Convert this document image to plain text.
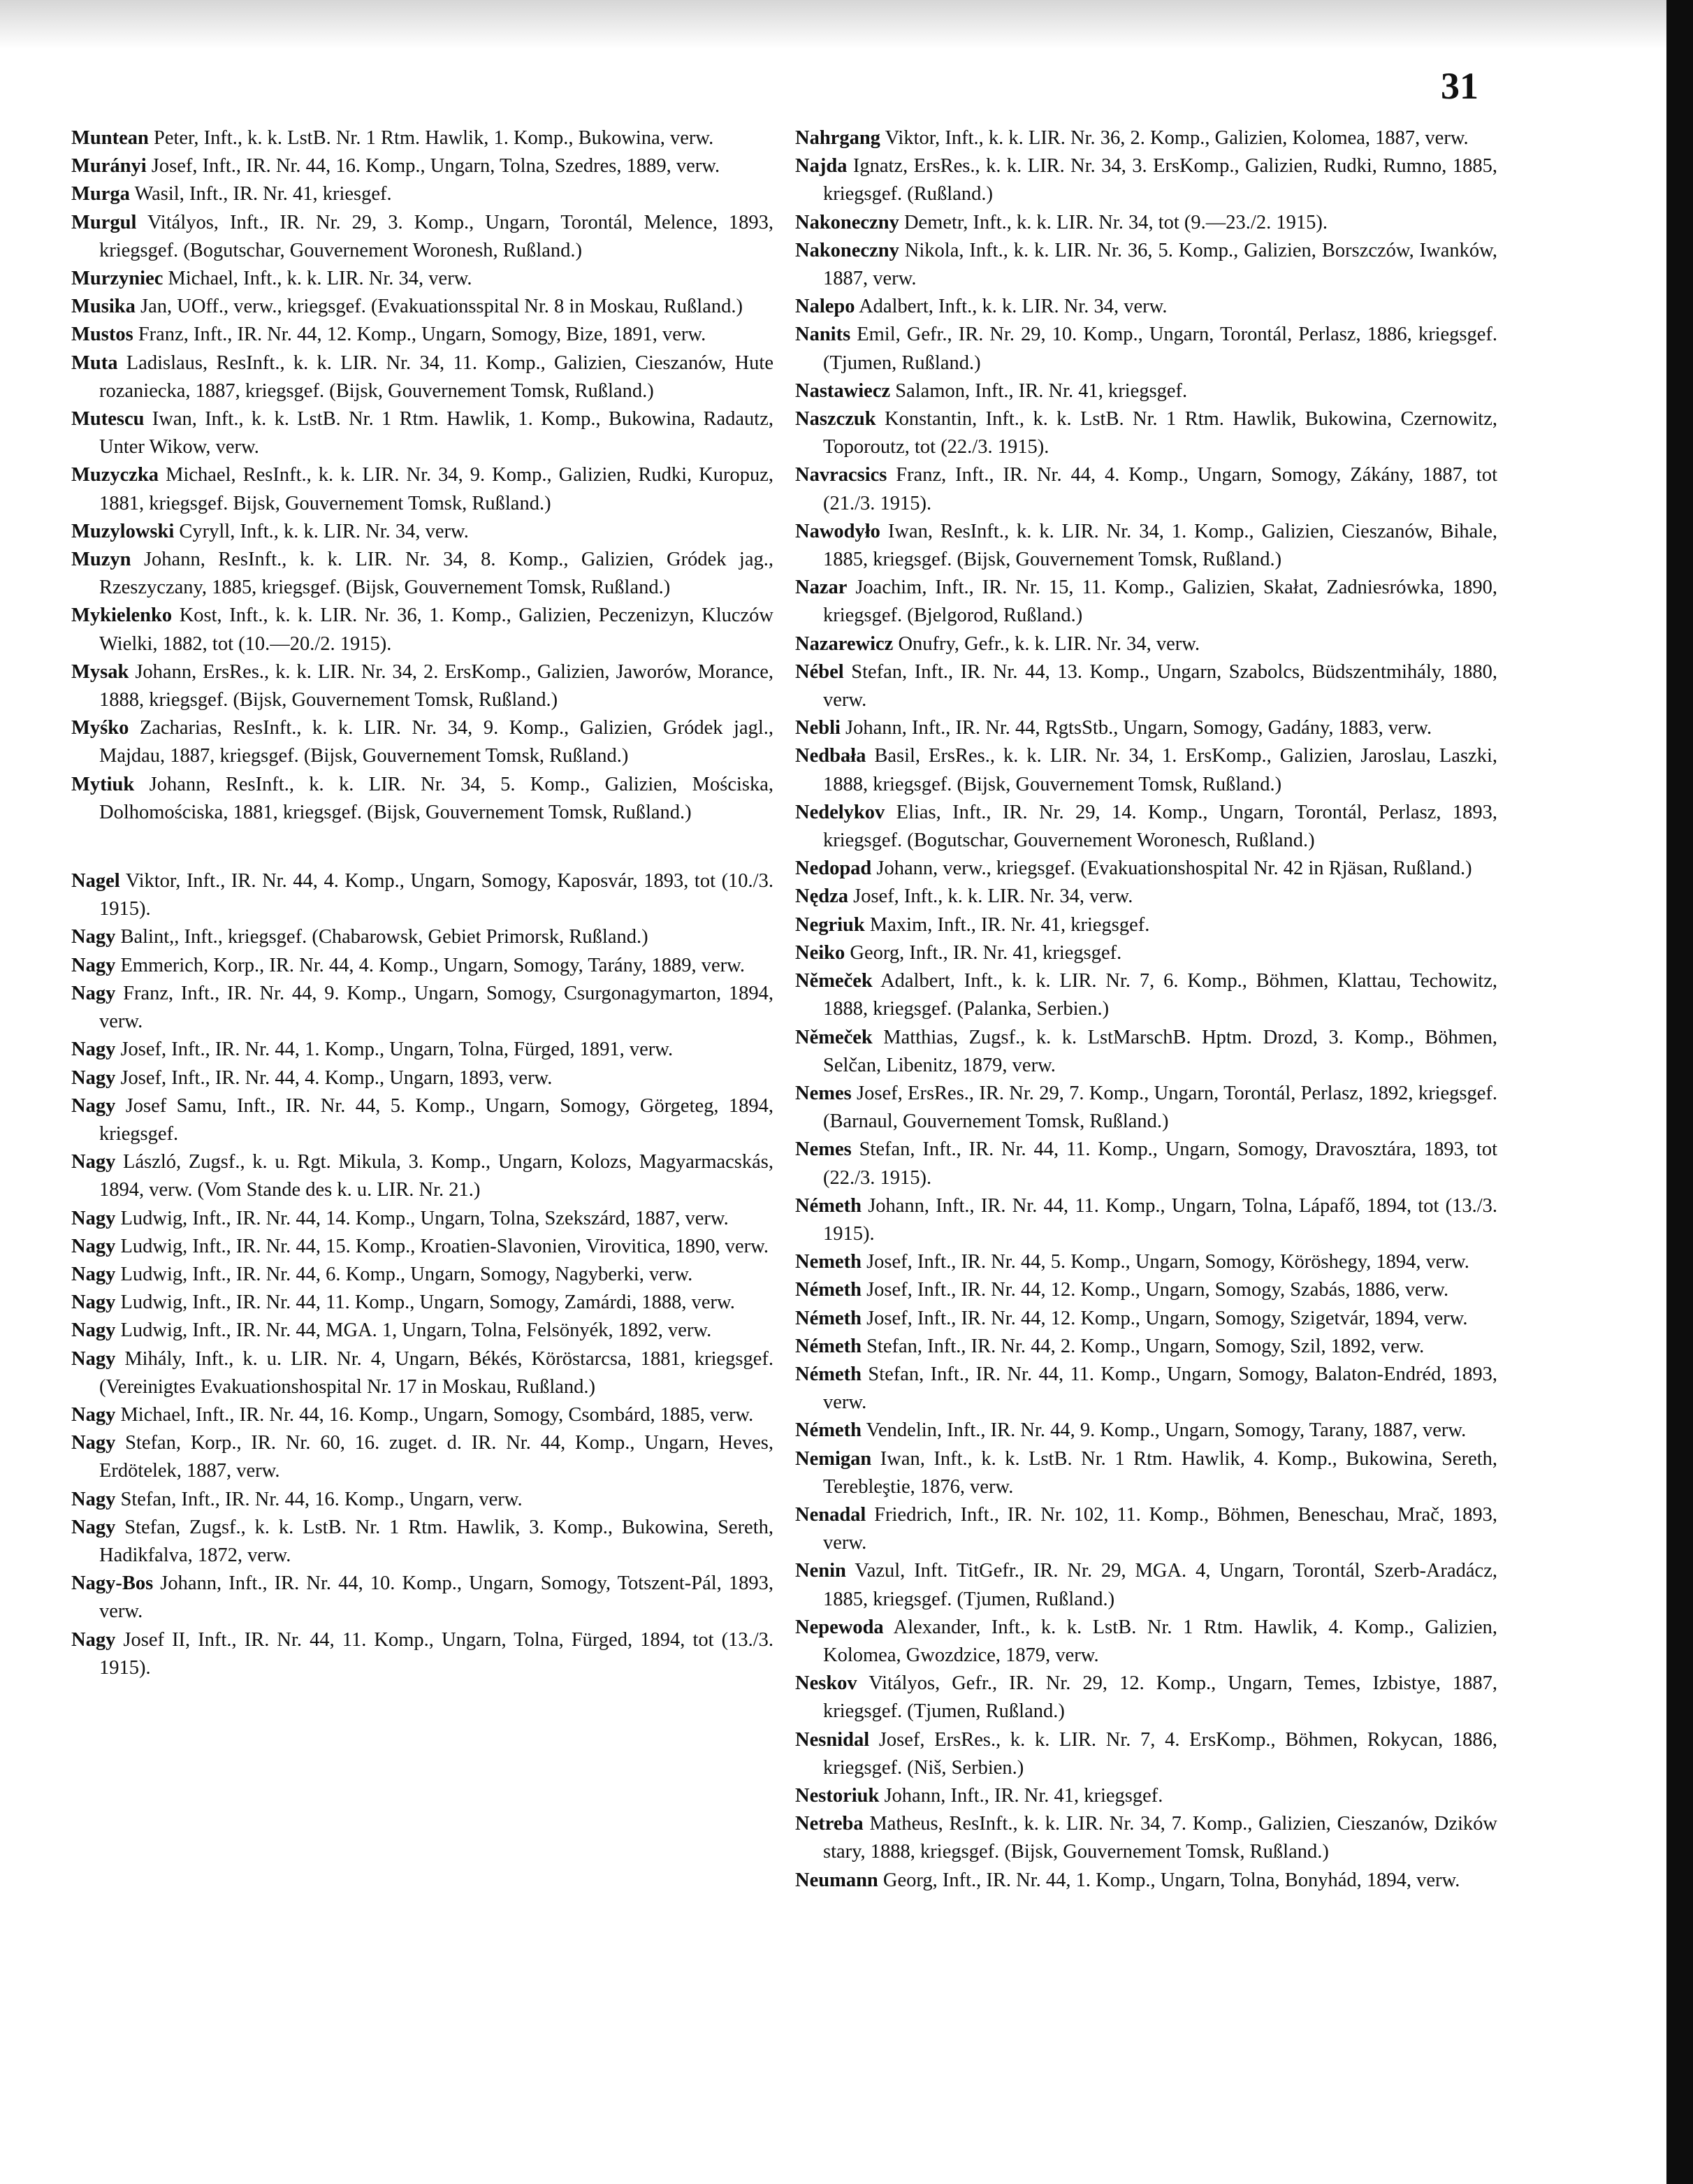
31

Muntean Peter, Inft., k. k. LstB. Nr. 1 Rtm. Hawlik, 1. Komp., Bukowina, verw.

Murányi Josef, Inft., IR. Nr. 44, 16. Komp., Ungarn, Tolna, Szedres, 1889, verw.

Murga Wasil, Inft., IR. Nr. 41, kriesgef.

Murgul Vitályos, Inft., IR. Nr. 29, 3. Komp., Ungarn, Torontál, Melence, 1893, kriegsgef. (Bogutschar, Gouvernement Woronesh, Rußland.)

Murzyniec Michael, Inft., k. k. LIR. Nr. 34, verw.

Musika Jan, UOff., verw., kriegsgef. (Evakuationsspital Nr. 8 in Moskau, Rußland.)

Mustos Franz, Inft., IR. Nr. 44, 12. Komp., Ungarn, Somogy, Bize, 1891, verw.

Muta Ladislaus, ResInft., k. k. LIR. Nr. 34, 11. Komp., Galizien, Cieszanów, Hute rozaniecka, 1887, kriegsgef. (Bijsk, Gouvernement Tomsk, Rußland.)

Mutescu Iwan, Inft., k. k. LstB. Nr. 1 Rtm. Hawlik, 1. Komp., Bukowina, Radautz, Unter Wikow, verw.

Muzyczka Michael, ResInft., k. k. LIR. Nr. 34, 9. Komp., Galizien, Rudki, Kuropuz, 1881, kriegsgef. Bijsk, Gouvernement Tomsk, Rußland.)

Muzylowski Cyryll, Inft., k. k. LIR. Nr. 34, verw.

Muzyn Johann, ResInft., k. k. LIR. Nr. 34, 8. Komp., Galizien, Gródek jag., Rzeszyczany, 1885, kriegsgef. (Bijsk, Gouvernement Tomsk, Rußland.)

Mykielenko Kost, Inft., k. k. LIR. Nr. 36, 1. Komp., Galizien, Peczenizyn, Kluczów Wielki, 1882, tot (10.—20./2. 1915).

Mysak Johann, ErsRes., k. k. LIR. Nr. 34, 2. ErsKomp., Galizien, Jaworów, Morance, 1888, kriegsgef. (Bijsk, Gouvernement Tomsk, Rußland.)

Myśko Zacharias, ResInft., k. k. LIR. Nr. 34, 9. Komp., Galizien, Gródek jagl., Majdau, 1887, kriegsgef. (Bijsk, Gouvernement Tomsk, Rußland.)

Mytiuk Johann, ResInft., k. k. LIR. Nr. 34, 5. Komp., Galizien, Mościska, Dolhomościska, 1881, kriegsgef. (Bijsk, Gouvernement Tomsk, Rußland.)

Nagel Viktor, Inft., IR. Nr. 44, 4. Komp., Ungarn, Somogy, Kaposvár, 1893, tot (10./3. 1915).

Nagy Balint,, Inft., kriegsgef. (Chabarowsk, Gebiet Primorsk, Rußland.)

Nagy Emmerich, Korp., IR. Nr. 44, 4. Komp., Ungarn, Somogy, Tarány, 1889, verw.

Nagy Franz, Inft., IR. Nr. 44, 9. Komp., Ungarn, Somogy, Csurgonagymarton, 1894, verw.

Nagy Josef, Inft., IR. Nr. 44, 1. Komp., Ungarn, Tolna, Fürged, 1891, verw.

Nagy Josef, Inft., IR. Nr. 44, 4. Komp., Ungarn, 1893, verw.

Nagy Josef Samu, Inft., IR. Nr. 44, 5. Komp., Ungarn, Somogy, Görgeteg, 1894, kriegsgef.

Nagy László, Zugsf., k. u. Rgt. Mikula, 3. Komp., Ungarn, Kolozs, Magyarmacskás, 1894, verw. (Vom Stande des k. u. LIR. Nr. 21.)

Nagy Ludwig, Inft., IR. Nr. 44, 14. Komp., Ungarn, Tolna, Szekszárd, 1887, verw.

Nagy Ludwig, Inft., IR. Nr. 44, 15. Komp., Kroatien-Slavonien, Virovitica, 1890, verw.

Nagy Ludwig, Inft., IR. Nr. 44, 6. Komp., Ungarn, Somogy, Nagyberki, verw.

Nagy Ludwig, Inft., IR. Nr. 44, 11. Komp., Ungarn, Somogy, Zamárdi, 1888, verw.

Nagy Ludwig, Inft., IR. Nr. 44, MGA. 1, Ungarn, Tolna, Felsönyék, 1892, verw.

Nagy Mihály, Inft., k. u. LIR. Nr. 4, Ungarn, Békés, Köröstarcsa, 1881, kriegsgef. (Vereinigtes Evakuationshospital Nr. 17 in Moskau, Rußland.)

Nagy Michael, Inft., IR. Nr. 44, 16. Komp., Ungarn, Somogy, Csombárd, 1885, verw.

Nagy Stefan, Korp., IR. Nr. 60, 16. zuget. d. IR. Nr. 44, Komp., Ungarn, Heves, Erdötelek, 1887, verw.

Nagy Stefan, Inft., IR. Nr. 44, 16. Komp., Ungarn, verw.

Nagy Stefan, Zugsf., k. k. LstB. Nr. 1 Rtm. Hawlik, 3. Komp., Bukowina, Sereth, Hadikfalva, 1872, verw.

Nagy-Bos Johann, Inft., IR. Nr. 44, 10. Komp., Ungarn, Somogy, Totszent-Pál, 1893, verw.

Nagy Josef II, Inft., IR. Nr. 44, 11. Komp., Ungarn, Tolna, Fürged, 1894, tot (13./3. 1915).

Nahrgang Viktor, Inft., k. k. LIR. Nr. 36, 2. Komp., Galizien, Kolomea, 1887, verw.

Najda Ignatz, ErsRes., k. k. LIR. Nr. 34, 3. ErsKomp., Galizien, Rudki, Rumno, 1885, kriegsgef. (Rußland.)

Nakoneczny Demetr, Inft., k. k. LIR. Nr. 34, tot (9.—23./2. 1915).

Nakoneczny Nikola, Inft., k. k. LIR. Nr. 36, 5. Komp., Galizien, Borszczów, Iwanków, 1887, verw.

Nalepo Adalbert, Inft., k. k. LIR. Nr. 34, verw.

Nanits Emil, Gefr., IR. Nr. 29, 10. Komp., Ungarn, Torontál, Perlasz, 1886, kriegsgef. (Tjumen, Rußland.)

Nastawiecz Salamon, Inft., IR. Nr. 41, kriegsgef.

Naszczuk Konstantin, Inft., k. k. LstB. Nr. 1 Rtm. Hawlik, Bukowina, Czernowitz, Toporoutz, tot (22./3. 1915).

Navracsics Franz, Inft., IR. Nr. 44, 4. Komp., Ungarn, Somogy, Zákány, 1887, tot (21./3. 1915).

Nawodyło Iwan, ResInft., k. k. LIR. Nr. 34, 1. Komp., Galizien, Cieszanów, Bihale, 1885, kriegsgef. (Bijsk, Gouvernement Tomsk, Rußland.)

Nazar Joachim, Inft., IR. Nr. 15, 11. Komp., Galizien, Skałat, Zadniesrówka, 1890, kriegsgef. (Bjelgorod, Rußland.)

Nazarewicz Onufry, Gefr., k. k. LIR. Nr. 34, verw.

Nébel Stefan, Inft., IR. Nr. 44, 13. Komp., Ungarn, Szabolcs, Büdszentmihály, 1880, verw.

Nebli Johann, Inft., IR. Nr. 44, RgtsStb., Ungarn, Somogy, Gadány, 1883, verw.

Nedbała Basil, ErsRes., k. k. LIR. Nr. 34, 1. ErsKomp., Galizien, Jaroslau, Laszki, 1888, kriegsgef. (Bijsk, Gouvernement Tomsk, Rußland.)

Nedelykov Elias, Inft., IR. Nr. 29, 14. Komp., Ungarn, Torontál, Perlasz, 1893, kriegsgef. (Bogutschar, Gouvernement Woronesch, Rußland.)

Nedopad Johann, verw., kriegsgef. (Evakuationshospital Nr. 42 in Rjäsan, Rußland.)

Nędza Josef, Inft., k. k. LIR. Nr. 34, verw.

Negriuk Maxim, Inft., IR. Nr. 41, kriegsgef.

Neiko Georg, Inft., IR. Nr. 41, kriegsgef.

Němeček Adalbert, Inft., k. k. LIR. Nr. 7, 6. Komp., Böhmen, Klattau, Techowitz, 1888, kriegsgef. (Palanka, Serbien.)

Němeček Matthias, Zugsf., k. k. LstMarschB. Hptm. Drozd, 3. Komp., Böhmen, Selčan, Libenitz, 1879, verw.

Nemes Josef, ErsRes., IR. Nr. 29, 7. Komp., Ungarn, Torontál, Perlasz, 1892, kriegsgef. (Barnaul, Gouvernement Tomsk, Rußland.)

Nemes Stefan, Inft., IR. Nr. 44, 11. Komp., Ungarn, Somogy, Dravosztára, 1893, tot (22./3. 1915).

Németh Johann, Inft., IR. Nr. 44, 11. Komp., Ungarn, Tolna, Lápafő, 1894, tot (13./3. 1915).

Nemeth Josef, Inft., IR. Nr. 44, 5. Komp., Ungarn, Somogy, Köröshegy, 1894, verw.

Németh Josef, Inft., IR. Nr. 44, 12. Komp., Ungarn, Somogy, Szabás, 1886, verw.

Németh Josef, Inft., IR. Nr. 44, 12. Komp., Ungarn, Somogy, Szigetvár, 1894, verw.

Németh Stefan, Inft., IR. Nr. 44, 2. Komp., Ungarn, Somogy, Szil, 1892, verw.

Németh Stefan, Inft., IR. Nr. 44, 11. Komp., Ungarn, Somogy, Balaton-Endréd, 1893, verw.

Németh Vendelin, Inft., IR. Nr. 44, 9. Komp., Ungarn, Somogy, Tarany, 1887, verw.

Nemigan Iwan, Inft., k. k. LstB. Nr. 1 Rtm. Hawlik, 4. Komp., Bukowina, Sereth, Terebleştie, 1876, verw.

Nenadal Friedrich, Inft., IR. Nr. 102, 11. Komp., Böhmen, Beneschau, Mrač, 1893, verw.

Nenin Vazul, Inft. TitGefr., IR. Nr. 29, MGA. 4, Ungarn, Torontál, Szerb-Aradácz, 1885, kriegsgef. (Tjumen, Rußland.)

Nepewoda Alexander, Inft., k. k. LstB. Nr. 1 Rtm. Hawlik, 4. Komp., Galizien, Kolomea, Gwozdzice, 1879, verw.

Neskov Vitályos, Gefr., IR. Nr. 29, 12. Komp., Ungarn, Temes, Izbistye, 1887, kriegsgef. (Tjumen, Rußland.)

Nesnidal Josef, ErsRes., k. k. LIR. Nr. 7, 4. ErsKomp., Böhmen, Rokycan, 1886, kriegsgef. (Niš, Serbien.)

Nestoriuk Johann, Inft., IR. Nr. 41, kriegsgef.

Netreba Matheus, ResInft., k. k. LIR. Nr. 34, 7. Komp., Galizien, Cieszanów, Dzików stary, 1888, kriegsgef. (Bijsk, Gouvernement Tomsk, Rußland.)

Neumann Georg, Inft., IR. Nr. 44, 1. Komp., Ungarn, Tolna, Bonyhád, 1894, verw.
